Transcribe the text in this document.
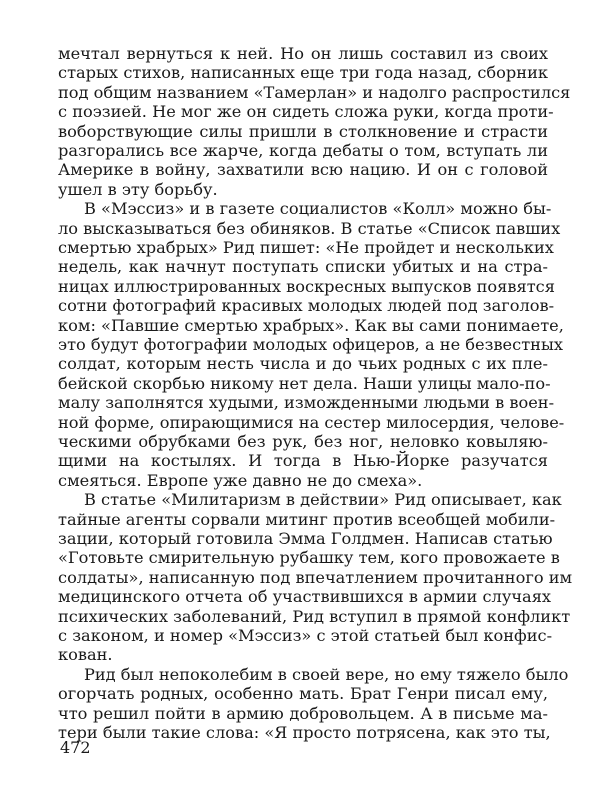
мечтал вернуться к ней. Но он лишь составил из своих

старых стихов, написанных еще три года назад, сборник

под общим названием «Тамерлан» и надолго распростился

с поэзией. Не мог же он сидеть сложа руки, когда проти-

воборствующие силы пришли в столкновение и страсти

разгорались все жарче, когда дебаты о том, вступать ли

Америке в войну, захватили всю нацию. И он с головой

ушел в эту борьбу.

В «Мэссиз» и в газете социалистов «Колл» можно бы-

ло высказываться без обиняков. В статье «Список павших

смертью храбрых» Рид пишет: «Не пройдет и нескольких

недель, как начнут поступать списки убитых и на стра-

ницах иллюстрированных воскресных выпусков появятся

сотни фотографий красивых молодых людей под заголов-

ком: «Павшие смертью храбрых». Как вы сами понимаете,

это будут фотографии молодых офицеров, а не безвестных

солдат, которым несть числа и до чьих родных с их пле-

бейской скорбью никому нет дела. Наши улицы мало-по-

малу заполнятся худыми, изможденными людьми в воен-

ной форме, опирающимися на сестер милосердия, челове-

ческими обрубками без рук, без ног, неловко ковыляю-

щими на костылях. И тогда в Нью-Йорке разучатся

смеяться. Европе уже давно не до смеха».

В статье «Милитаризм в действии» Рид описывает, как

тайные агенты сорвали митинг против всеобщей мобили-

зации, который готовила Эмма Голдмен. Написав статью

«Готовьте смирительную рубашку тем, кого провожаете в

солдаты», написанную под впечатлением прочитанного им

медицинского отчета об участвившихся в армии случаях

психических заболеваний, Рид вступил в прямой конфликт

с законом, и номер «Мэссиз» с этой статьей был конфис-

кован.

Рид был непоколебим в своей вере, но ему тяжело было

огорчать родных, особенно мать. Брат Генри писал ему,

что решил пойти в армию добровольцем. А в письме ма-

тери были такие слова: «Я просто потрясена, как это ты,

472
